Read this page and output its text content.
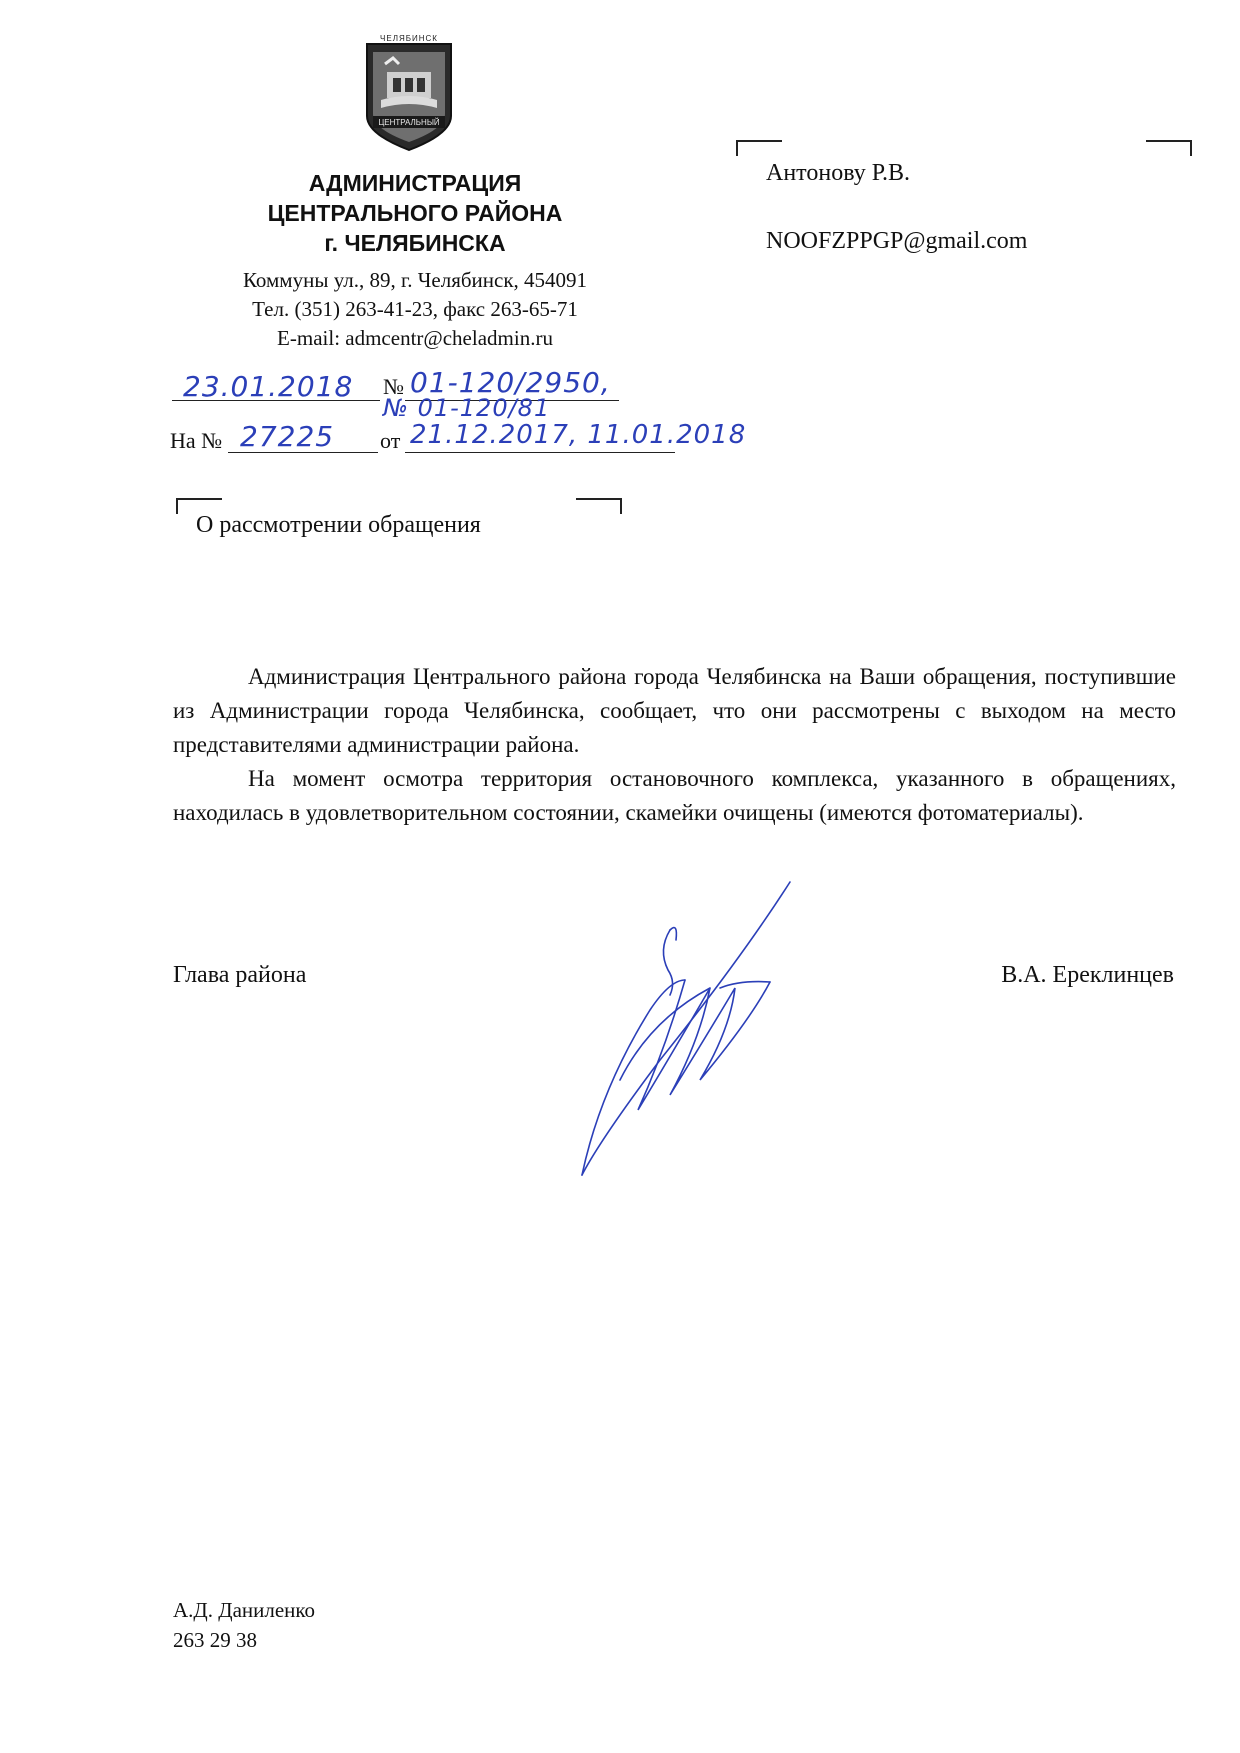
ЧЕЛЯБИНСК
ЦЕНТРАЛЬНЫЙ
АДМИНИСТРАЦИЯ
ЦЕНТРАЛЬНОГО РАЙОНА
г. ЧЕЛЯБИНСКА
Коммуны ул., 89, г. Челябинск, 454091
Тел. (351) 263-41-23, факс 263-65-71
E-mail: admcentr@cheladmin.ru
Антонову Р.В.
NOOFZPPGP@gmail.com
23.01.2018 № 01-120/2950,
№ 01-120/81
На № 27225 от 21.12.2017, 11.01.2018
О рассмотрении обращения

Администрация Центрального района города Челябинска на Ваши обращения, поступившие из Администрации города Челябинска, сообщает, что они рассмотрены с выходом на место представителями администрации района.

На момент осмотра территория остановочного комплекса, указанного в обращениях, находилась в удовлетворительном состоянии, скамейки очищены (имеются фотоматериалы).

Глава района	В.А. Ереклинцев
А.Д. Даниленко
263 29 38
